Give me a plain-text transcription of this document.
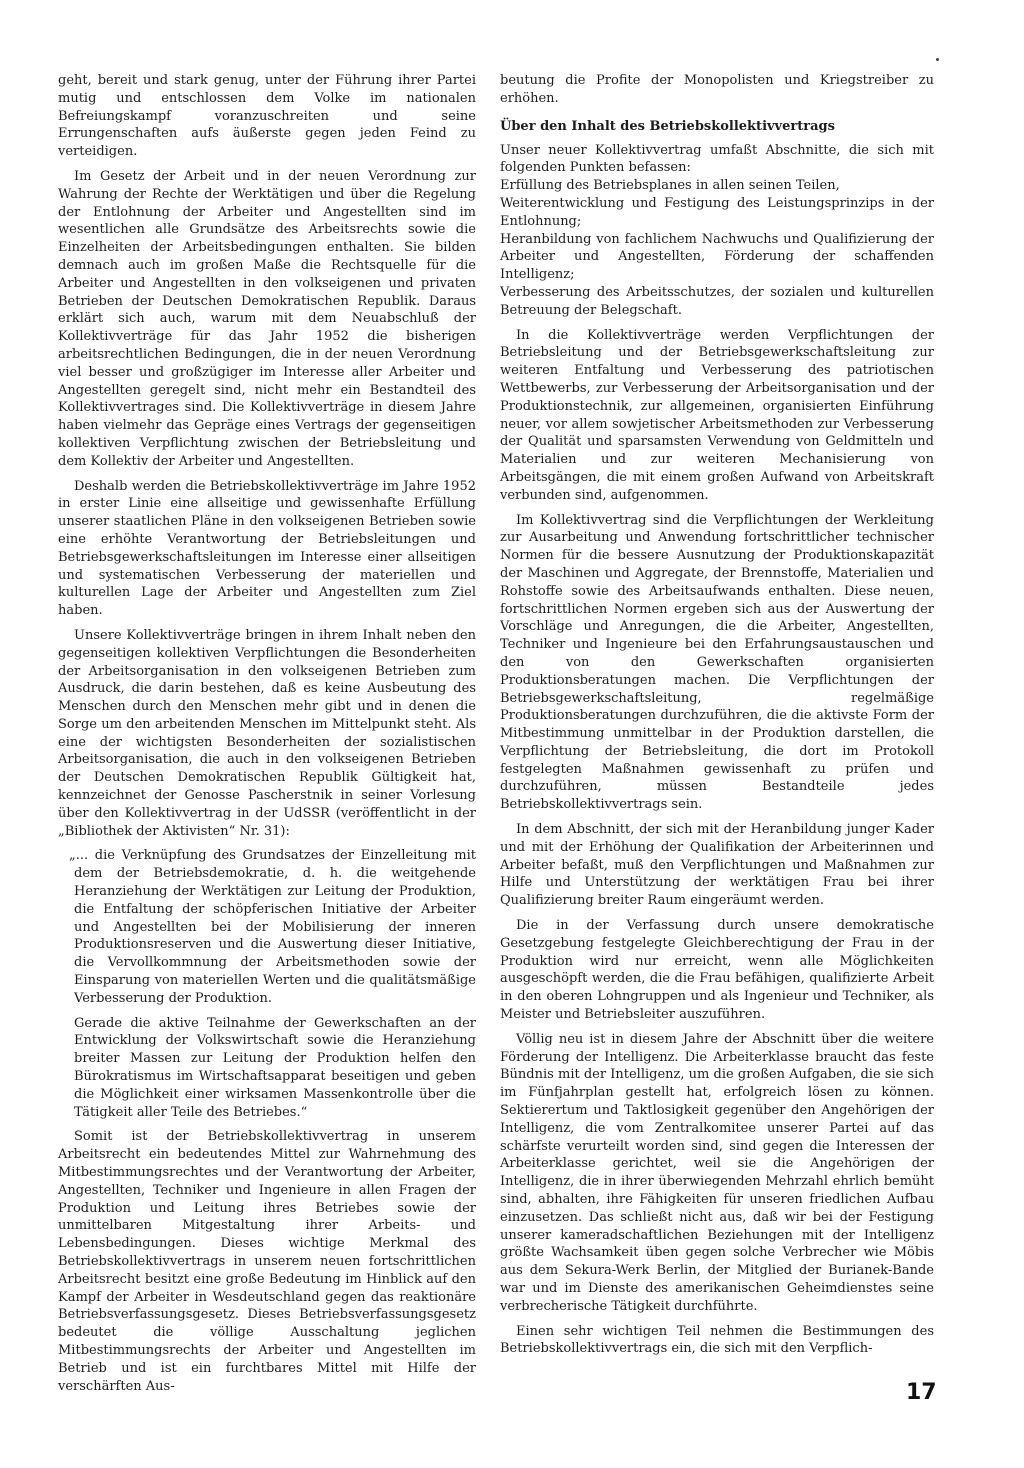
geht, bereit und stark genug, unter der Führung ihrer Partei mutig und entschlossen dem Volke im nationalen Befreiungskampf voranzuschreiten und seine Errungenschaften aufs äußerste gegen jeden Feind zu verteidigen.

Im Gesetz der Arbeit und in der neuen Verordnung zur Wahrung der Rechte der Werktätigen und über die Regelung der Entlohnung der Arbeiter und Angestellten sind im wesentlichen alle Grundsätze des Arbeitsrechts sowie die Einzelheiten der Arbeitsbedingungen enthalten. Sie bilden demnach auch im großen Maße die Rechtsquelle für die Arbeiter und Angestellten in den volkseigenen und privaten Betrieben der Deutschen Demokratischen Republik. Daraus erklärt sich auch, warum mit dem Neuabschluß der Kollektivverträge für das Jahr 1952 die bisherigen arbeitsrechtlichen Bedingungen, die in der neuen Verordnung viel besser und großzügiger im Interesse aller Arbeiter und Angestellten geregelt sind, nicht mehr ein Bestandteil des Kollektivvertrages sind. Die Kollektivverträge in diesem Jahre haben vielmehr das Gepräge eines Vertrags der gegenseitigen kollektiven Verpflichtung zwischen der Betriebsleitung und dem Kollektiv der Arbeiter und Angestellten.

Deshalb werden die Betriebskollektivverträge im Jahre 1952 in erster Linie eine allseitige und gewissenhafte Erfüllung unserer staatlichen Pläne in den volkseigenen Betrieben sowie eine erhöhte Verantwortung der Betriebsleitungen und Betriebsgewerkschaftsleitungen im Interesse einer allseitigen und systematischen Verbesserung der materiellen und kulturellen Lage der Arbeiter und Angestellten zum Ziel haben.

Unsere Kollektivverträge bringen in ihrem Inhalt neben den gegenseitigen kollektiven Verpflichtungen die Besonderheiten der Arbeitsorganisation in den volkseigenen Betrieben zum Ausdruck, die darin bestehen, daß es keine Ausbeutung des Menschen durch den Menschen mehr gibt und in denen die Sorge um den arbeitenden Menschen im Mittelpunkt steht. Als eine der wichtigsten Besonderheiten der sozialistischen Arbeitsorganisation, die auch in den volkseigenen Betrieben der Deutschen Demokratischen Republik Gültigkeit hat, kennzeichnet der Genosse Pascherstnik in seiner Vorlesung über den Kollektivvertrag in der UdSSR (veröffentlicht in der „Bibliothek der Aktivisten“ Nr. 31):

„... die Verknüpfung des Grundsatzes der Einzelleitung mit dem der Betriebsdemokratie, d. h. die weitgehende Heranziehung der Werktätigen zur Leitung der Produktion, die Entfaltung der schöpferischen Initiative der Arbeiter und Angestellten bei der Mobilisierung der inneren Produktionsreserven und die Auswertung dieser Initiative, die Vervollkommnung der Arbeitsmethoden sowie der Einsparung von materiellen Werten und die qualitätsmäßige Verbesserung der Produktion.

Gerade die aktive Teilnahme der Gewerkschaften an der Entwicklung der Volkswirtschaft sowie die Heranziehung breiter Massen zur Leitung der Produktion helfen den Bürokratismus im Wirtschaftsapparat beseitigen und geben die Möglichkeit einer wirksamen Massenkontrolle über die Tätigkeit aller Teile des Betriebes.“

Somit ist der Betriebskollektivvertrag in unserem Arbeitsrecht ein bedeutendes Mittel zur Wahrnehmung des Mitbestimmungsrechtes und der Verantwortung der Arbeiter, Angestellten, Techniker und Ingenieure in allen Fragen der Produktion und Leitung ihres Betriebes sowie der unmittelbaren Mitgestaltung ihrer Arbeits- und Lebensbedingungen. Dieses wichtige Merkmal des Betriebskollektivvertrags in unserem neuen fortschrittlichen Arbeitsrecht besitzt eine große Bedeutung im Hinblick auf den Kampf der Arbeiter in Wesdeutschland gegen das reaktionäre Betriebsverfassungsgesetz. Dieses Betriebsverfassungsgesetz bedeutet die völlige Ausschaltung jeglichen Mitbestimmungsrechts der Arbeiter und Angestellten im Betrieb und ist ein furchtbares Mittel mit Hilfe der verschärften Aus-

beutung die Profite der Monopolisten und Kriegstreiber zu erhöhen.

Über den Inhalt des Betriebskollektivvertrags

Unser neuer Kollektivvertrag umfaßt Abschnitte, die sich mit folgenden Punkten befassen:

Erfüllung des Betriebsplanes in allen seinen Teilen,

Weiterentwicklung und Festigung des Leistungsprinzips in der Entlohnung;

Heranbildung von fachlichem Nachwuchs und Qualifizierung der Arbeiter und Angestellten, Förderung der schaffenden Intelligenz;

Verbesserung des Arbeitsschutzes, der sozialen und kulturellen Betreuung der Belegschaft.

In die Kollektivverträge werden Verpflichtungen der Betriebsleitung und der Betriebsgewerkschaftsleitung zur weiteren Entfaltung und Verbesserung des patriotischen Wettbewerbs, zur Verbesserung der Arbeitsorganisation und der Produktionstechnik, zur allgemeinen, organisierten Einführung neuer, vor allem sowjetischer Arbeitsmethoden zur Verbesserung der Qualität und sparsamsten Verwendung von Geldmitteln und Materialien und zur weiteren Mechanisierung von Arbeitsgängen, die mit einem großen Aufwand von Arbeitskraft verbunden sind, aufgenommen.

Im Kollektivvertrag sind die Verpflichtungen der Werkleitung zur Ausarbeitung und Anwendung fortschrittlicher technischer Normen für die bessere Ausnutzung der Produktionskapazität der Maschinen und Aggregate, der Brennstoffe, Materialien und Rohstoffe sowie des Arbeitsaufwands enthalten. Diese neuen, fortschrittlichen Normen ergeben sich aus der Auswertung der Vorschläge und Anregungen, die die Arbeiter, Angestellten, Techniker und Ingenieure bei den Erfahrungsaustauschen und den von den Gewerkschaften organisierten Produktionsberatungen machen. Die Verpflichtungen der Betriebsgewerkschaftsleitung, regelmäßige Produktionsberatungen durchzuführen, die die aktivste Form der Mitbestimmung unmittelbar in der Produktion darstellen, die Verpflichtung der Betriebsleitung, die dort im Protokoll festgelegten Maßnahmen gewissenhaft zu prüfen und durchzuführen, müssen Bestandteile jedes Betriebskollektivvertrags sein.

In dem Abschnitt, der sich mit der Heranbildung junger Kader und mit der Erhöhung der Qualifikation der Arbeiterinnen und Arbeiter befaßt, muß den Verpflichtungen und Maßnahmen zur Hilfe und Unterstützung der werktätigen Frau bei ihrer Qualifizierung breiter Raum eingeräumt werden.

Die in der Verfassung durch unsere demokratische Gesetzgebung festgelegte Gleichberechtigung der Frau in der Produktion wird nur erreicht, wenn alle Möglichkeiten ausgeschöpft werden, die die Frau befähigen, qualifizierte Arbeit in den oberen Lohngruppen und als Ingenieur und Techniker, als Meister und Betriebsleiter auszuführen.

Völlig neu ist in diesem Jahre der Abschnitt über die weitere Förderung der Intelligenz. Die Arbeiterklasse braucht das feste Bündnis mit der Intelligenz, um die großen Aufgaben, die sie sich im Fünfjahrplan gestellt hat, erfolgreich lösen zu können. Sektierertum und Taktlosigkeit gegenüber den Angehörigen der Intelligenz, die vom Zentralkomitee unserer Partei auf das schärfste verurteilt worden sind, sind gegen die Interessen der Arbeiterklasse gerichtet, weil sie die Angehörigen der Intelligenz, die in ihrer überwiegenden Mehrzahl ehrlich bemüht sind, abhalten, ihre Fähigkeiten für unseren friedlichen Aufbau einzusetzen. Das schließt nicht aus, daß wir bei der Festigung unserer kameradschaftlichen Beziehungen mit der Intelligenz größte Wachsamkeit üben gegen solche Verbrecher wie Möbis aus dem Sekura-Werk Berlin, der Mitglied der Burianek-Bande war und im Dienste des amerikanischen Geheimdienstes seine verbrecherische Tätigkeit durchführte.

Einen sehr wichtigen Teil nehmen die Bestimmungen des Betriebskollektivvertrags ein, die sich mit den Verpflich-

17
